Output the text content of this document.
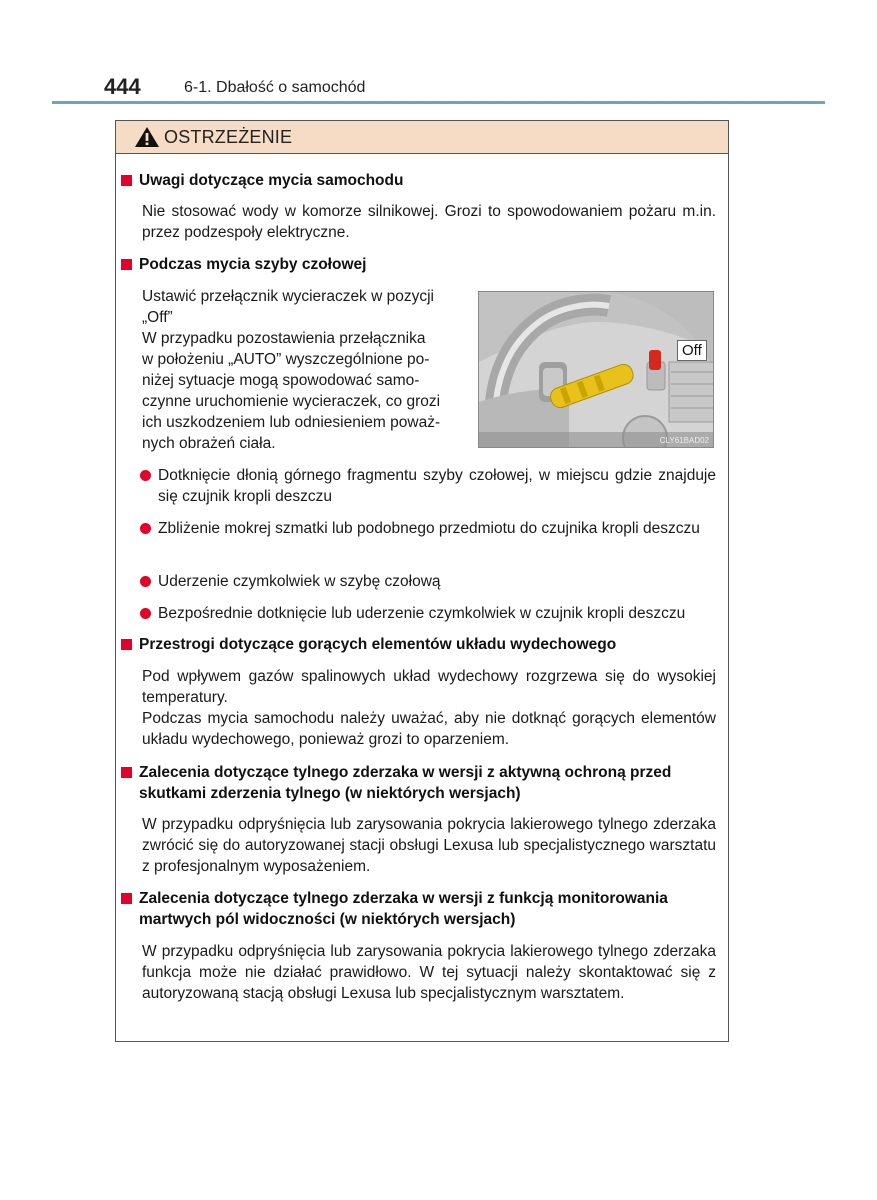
444	6-1. Dbałość o samochód
OSTRZEŻENIE
Uwagi dotyczące mycia samochodu
Nie stosować wody w komorze silnikowej. Grozi to spowodowaniem pożaru m.in. przez podzespoły elektryczne.
Podczas mycia szyby czołowej
Ustawić przełącznik wycieraczek w pozycji
„Off”
W przypadku pozostawienia przełącznika
w położeniu „AUTO” wyszczególnione po-
niżej sytuacje mogą spowodować samo-
czynne uruchomienie wycieraczek, co grozi
ich uszkodzeniem lub odniesieniem poważ-
nych obrażeń ciała.
Off
CLY61BAD02
Dotknięcie dłonią górnego fragmentu szyby czołowej, w miejscu gdzie znajduje się czujnik kropli deszczu
Zbliżenie mokrej szmatki lub podobnego przedmiotu do czujnika kropli deszczu
Uderzenie czymkolwiek w szybę czołową
Bezpośrednie dotknięcie lub uderzenie czymkolwiek w czujnik kropli deszczu
Przestrogi dotyczące gorących elementów układu wydechowego
Pod wpływem gazów spalinowych układ wydechowy rozgrzewa się do wysokiej temperatury.
Podczas mycia samochodu należy uważać, aby nie dotknąć gorących elementów układu wydechowego, ponieważ grozi to oparzeniem.
Zalecenia dotyczące tylnego zderzaka w wersji z aktywną ochroną przed skutkami zderzenia tylnego (w niektórych wersjach)
W przypadku odpryśnięcia lub zarysowania pokrycia lakierowego tylnego zderzaka zwrócić się do autoryzowanej stacji obsługi Lexusa lub specjalistycznego warsztatu z profesjonalnym wyposażeniem.
Zalecenia dotyczące tylnego zderzaka w wersji z funkcją monitorowania martwych pól widoczności (w niektórych wersjach)
W przypadku odpryśnięcia lub zarysowania pokrycia lakierowego tylnego zderzaka funkcja może nie działać prawidłowo. W tej sytuacji należy skontaktować się z autoryzowaną stacją obsługi Lexusa lub specjalistycznym warsztatem.
